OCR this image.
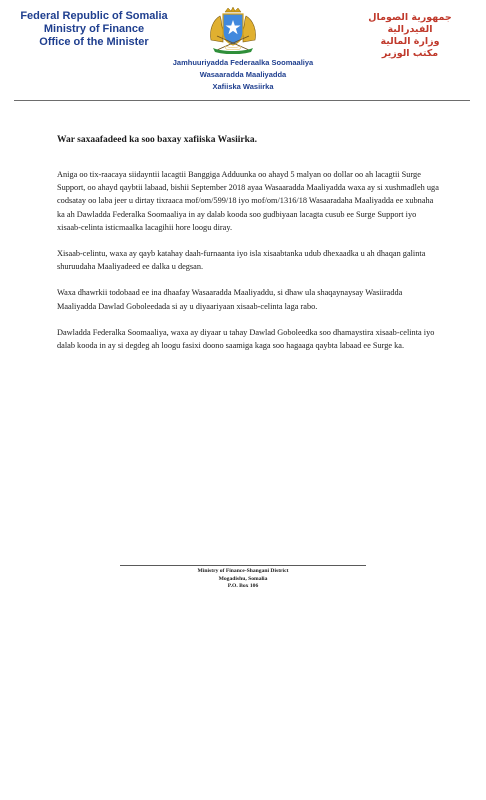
Federal Republic of Somalia
Ministry of Finance
Office of the Minister
جمهورية الصومال الفيدرالية
وزارة المالية
مكتب الوزير
Jamhuuriyadda Federaalka Soomaaliya
Wasaaradda Maaliyadda
Xafiiska Wasiirka
War saxaafadeed ka soo baxay xafiiska Wasiirka.

Aniga oo tix-raacaya siidayntii lacagtii Banggiga Adduunka oo ahayd 5 malyan oo dollar oo ah lacagtii Surge Support, oo ahayd qaybtii labaad, bishii September 2018 ayaa Wasaaradda Maaliyadda waxa ay si xushmadleh uga codsatay oo laba jeer u dirtay tixraaca mof/om/599/18 iyo mof/om/1316/18 Wasaaradaha Maaliyadda ee xubnaha ka ah Dawladda Federalka Soomaaliya in ay dalab kooda soo gudbiyaan lacagta cusub ee Surge Support iyo xisaab-celinta isticmaalka lacagihii hore loogu diray.

Xisaab-celintu, waxa ay qayb katahay daah-furnaanta iyo isla xisaabtanka udub dhexaadka u ah dhaqan galinta shuruudaha Maaliyadeed ee dalka u degsan.

Waxa dhawrkii todobaad ee ina dhaafay Wasaaradda Maaliyaddu, si dhaw ula shaqaynaysay Wasiiradda Maaliyadda Dawlad Goboleedada si ay u diyaariyaan xisaab-celinta laga rabo.

Dawladda Federalka Soomaaliya, waxa ay diyaar u tahay Dawlad Goboleedka soo dhamaystira xisaab-celinta iyo dalab kooda in ay si degdeg ah loogu fasixi doono saamiga kaga soo hagaaga qaybta labaad ee Surge ka.

Ministry of Finance-Shangani District
Mogadishu, Somalia
P.O. Box 106
